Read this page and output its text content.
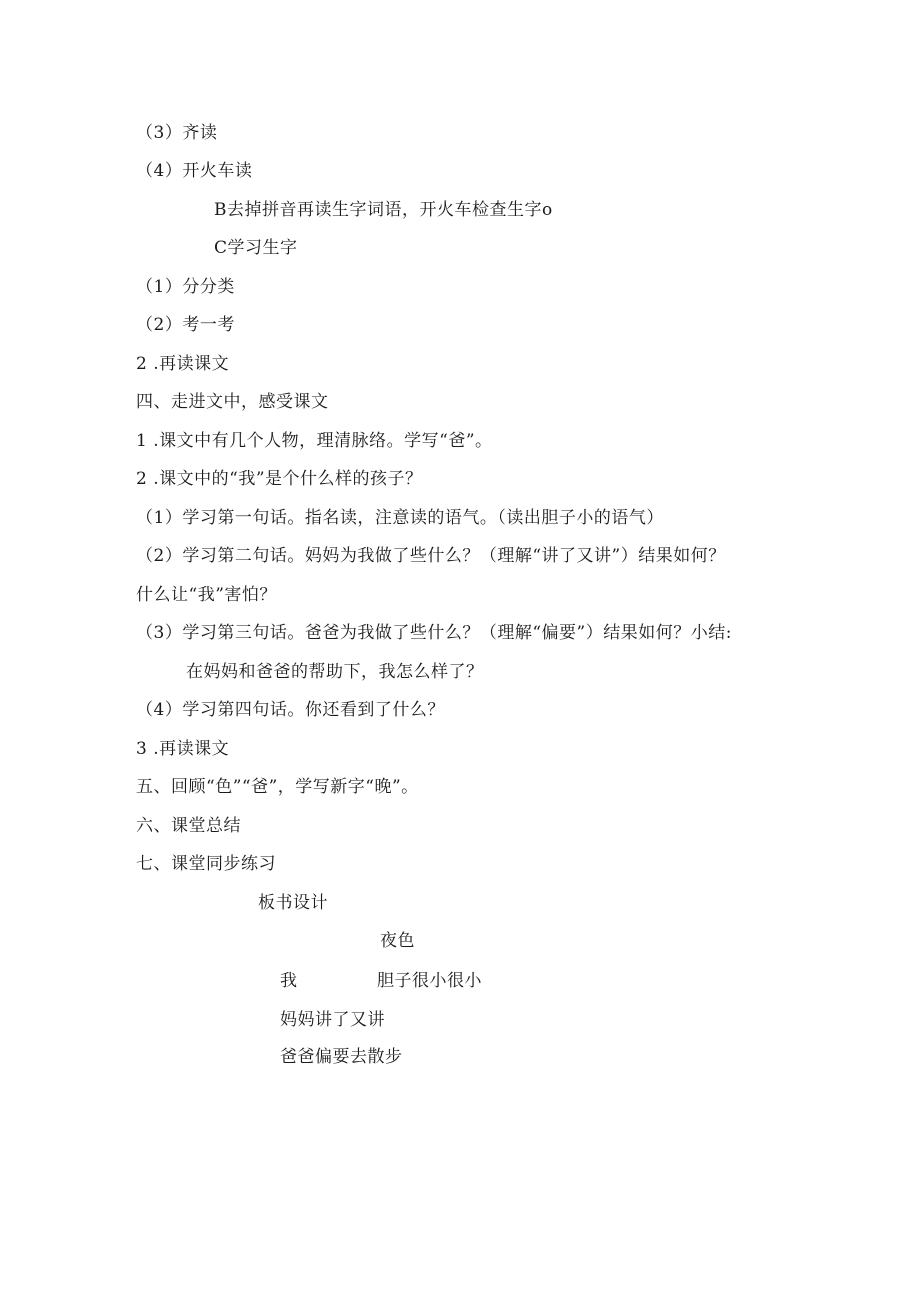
（3）齐读
（4）开火车读
B去掉拼音再读生字词语，开火车检查生字o
C学习生字
（1）分分类
（2）考一考
2 .再读课文
四、走进文中，感受课文
1 .课文中有几个人物，理清脉络。学写“爸”。
2 .课文中的“我”是个什么样的孩子？
（1）学习第一句话。指名读，注意读的语气。（读出胆子小的语气）
（2）学习第二句话。妈妈为我做了些什么？（理解“讲了又讲”）结果如何？
什么让“我”害怕？
（3）学习第三句话。爸爸为我做了些什么？（理解“偏要”）结果如何？小结:
在妈妈和爸爸的帮助下，我怎么样了？
（4）学习第四句话。你还看到了什么？
3 .再读课文
五、回顾“色”“爸”，学写新字“晚”。
六、课堂总结
七、课堂同步练习
板书设计
夜色
我	胆子很小很小
妈妈讲了又讲
爸爸偏要去散步
